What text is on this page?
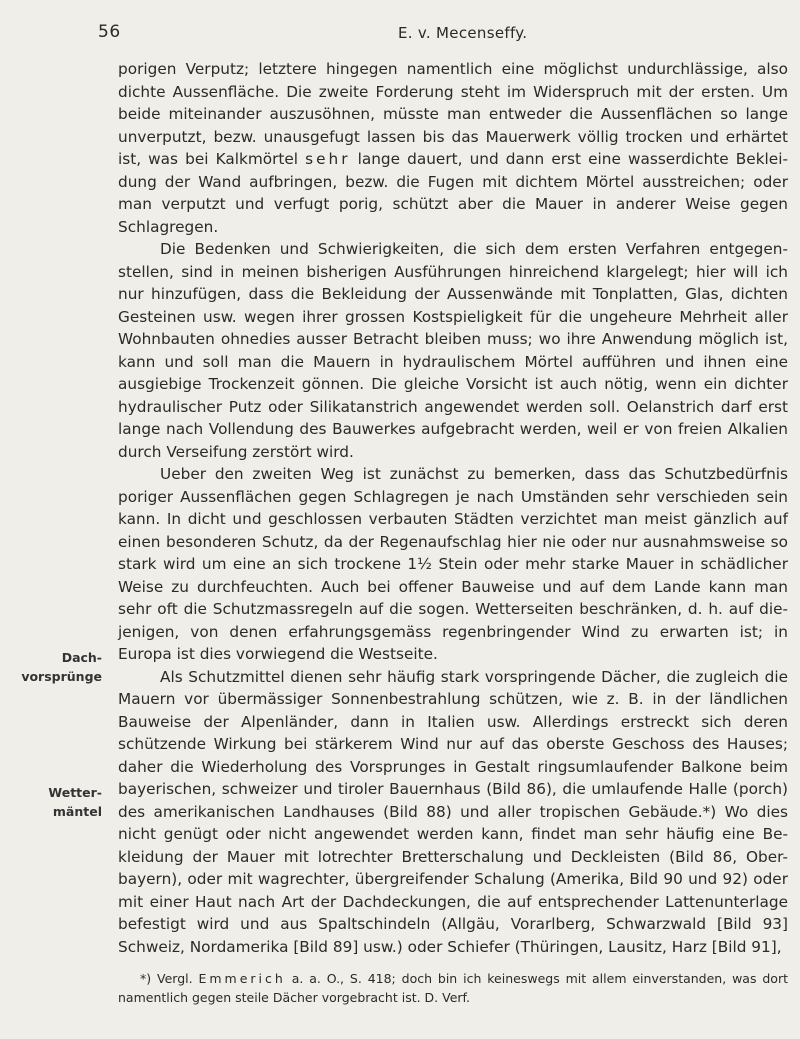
56	E. v. Mecenseffy.
Dach-
vorsprünge
Wetter-
mäntel

porigen Verputz; letztere hingegen namentlich eine möglichst undurchlässige, also dichte Aussenfläche. Die zweite Forderung steht im Widerspruch mit der ersten. Um beide miteinander auszusöhnen, müsste man entweder die Aussenflächen so lange unverputzt, bezw. unausgefugt lassen bis das Mauerwerk völlig trocken und erhärtet ist, was bei Kalkmörtel sehr lange dauert, und dann erst eine wasserdichte Beklei-dung der Wand aufbringen, bezw. die Fugen mit dichtem Mörtel ausstreichen; oder man verputzt und verfugt porig, schützt aber die Mauer in anderer Weise gegen Schlagregen.

Die Bedenken und Schwierigkeiten, die sich dem ersten Verfahren entgegen-stellen, sind in meinen bisherigen Ausführungen hinreichend klargelegt; hier will ich nur hinzufügen, dass die Bekleidung der Aussenwände mit Tonplatten, Glas, dichten Gesteinen usw. wegen ihrer grossen Kostspieligkeit für die ungeheure Mehrheit aller Wohnbauten ohnedies ausser Betracht bleiben muss; wo ihre Anwendung möglich ist, kann und soll man die Mauern in hydraulischem Mörtel aufführen und ihnen eine ausgiebige Trockenzeit gönnen. Die gleiche Vorsicht ist auch nötig, wenn ein dichter hydraulischer Putz oder Silikatanstrich angewendet werden soll. Oelanstrich darf erst lange nach Vollendung des Bauwerkes aufgebracht werden, weil er von freien Alkalien durch Verseifung zerstört wird.

Ueber den zweiten Weg ist zunächst zu bemerken, dass das Schutzbedürfnis poriger Aussenflächen gegen Schlagregen je nach Umständen sehr verschieden sein kann. In dicht und geschlossen verbauten Städten verzichtet man meist gänzlich auf einen besonderen Schutz, da der Regenaufschlag hier nie oder nur ausnahmsweise so stark wird um eine an sich trockene 1½ Stein oder mehr starke Mauer in schädlicher Weise zu durchfeuchten. Auch bei offener Bauweise und auf dem Lande kann man sehr oft die Schutzmassregeln auf die sogen. Wetterseiten beschränken, d. h. auf die-jenigen, von denen erfahrungsgemäss regenbringender Wind zu erwarten ist; in Europa ist dies vorwiegend die Westseite.

Als Schutzmittel dienen sehr häufig stark vorspringende Dächer, die zugleich die Mauern vor übermässiger Sonnenbestrahlung schützen, wie z. B. in der ländlichen Bauweise der Alpenländer, dann in Italien usw. Allerdings erstreckt sich deren schützende Wirkung bei stärkerem Wind nur auf das oberste Geschoss des Hauses; daher die Wiederholung des Vorsprunges in Gestalt ringsumlaufender Balkone beim bayerischen, schweizer und tiroler Bauernhaus (Bild 86), die umlaufende Halle (porch) des amerikanischen Landhauses (Bild 88) und aller tropischen Gebäude.*) Wo dies nicht genügt oder nicht angewendet werden kann, findet man sehr häufig eine Be-kleidung der Mauer mit lotrechter Bretterschalung und Deckleisten (Bild 86, Ober-bayern), oder mit wagrechter, übergreifender Schalung (Amerika, Bild 90 und 92) oder mit einer Haut nach Art der Dachdeckungen, die auf entsprechender Lattenunterlage befestigt wird und aus Spaltschindeln (Allgäu, Vorarlberg, Schwarzwald [Bild 93] Schweiz, Nordamerika [Bild 89] usw.) oder Schiefer (Thüringen, Lausitz, Harz [Bild 91],

*) Vergl. Emmerich a. a. O., S. 418; doch bin ich keineswegs mit allem einverstanden, was dort namentlich gegen steile Dächer vorgebracht ist. D. Verf.
